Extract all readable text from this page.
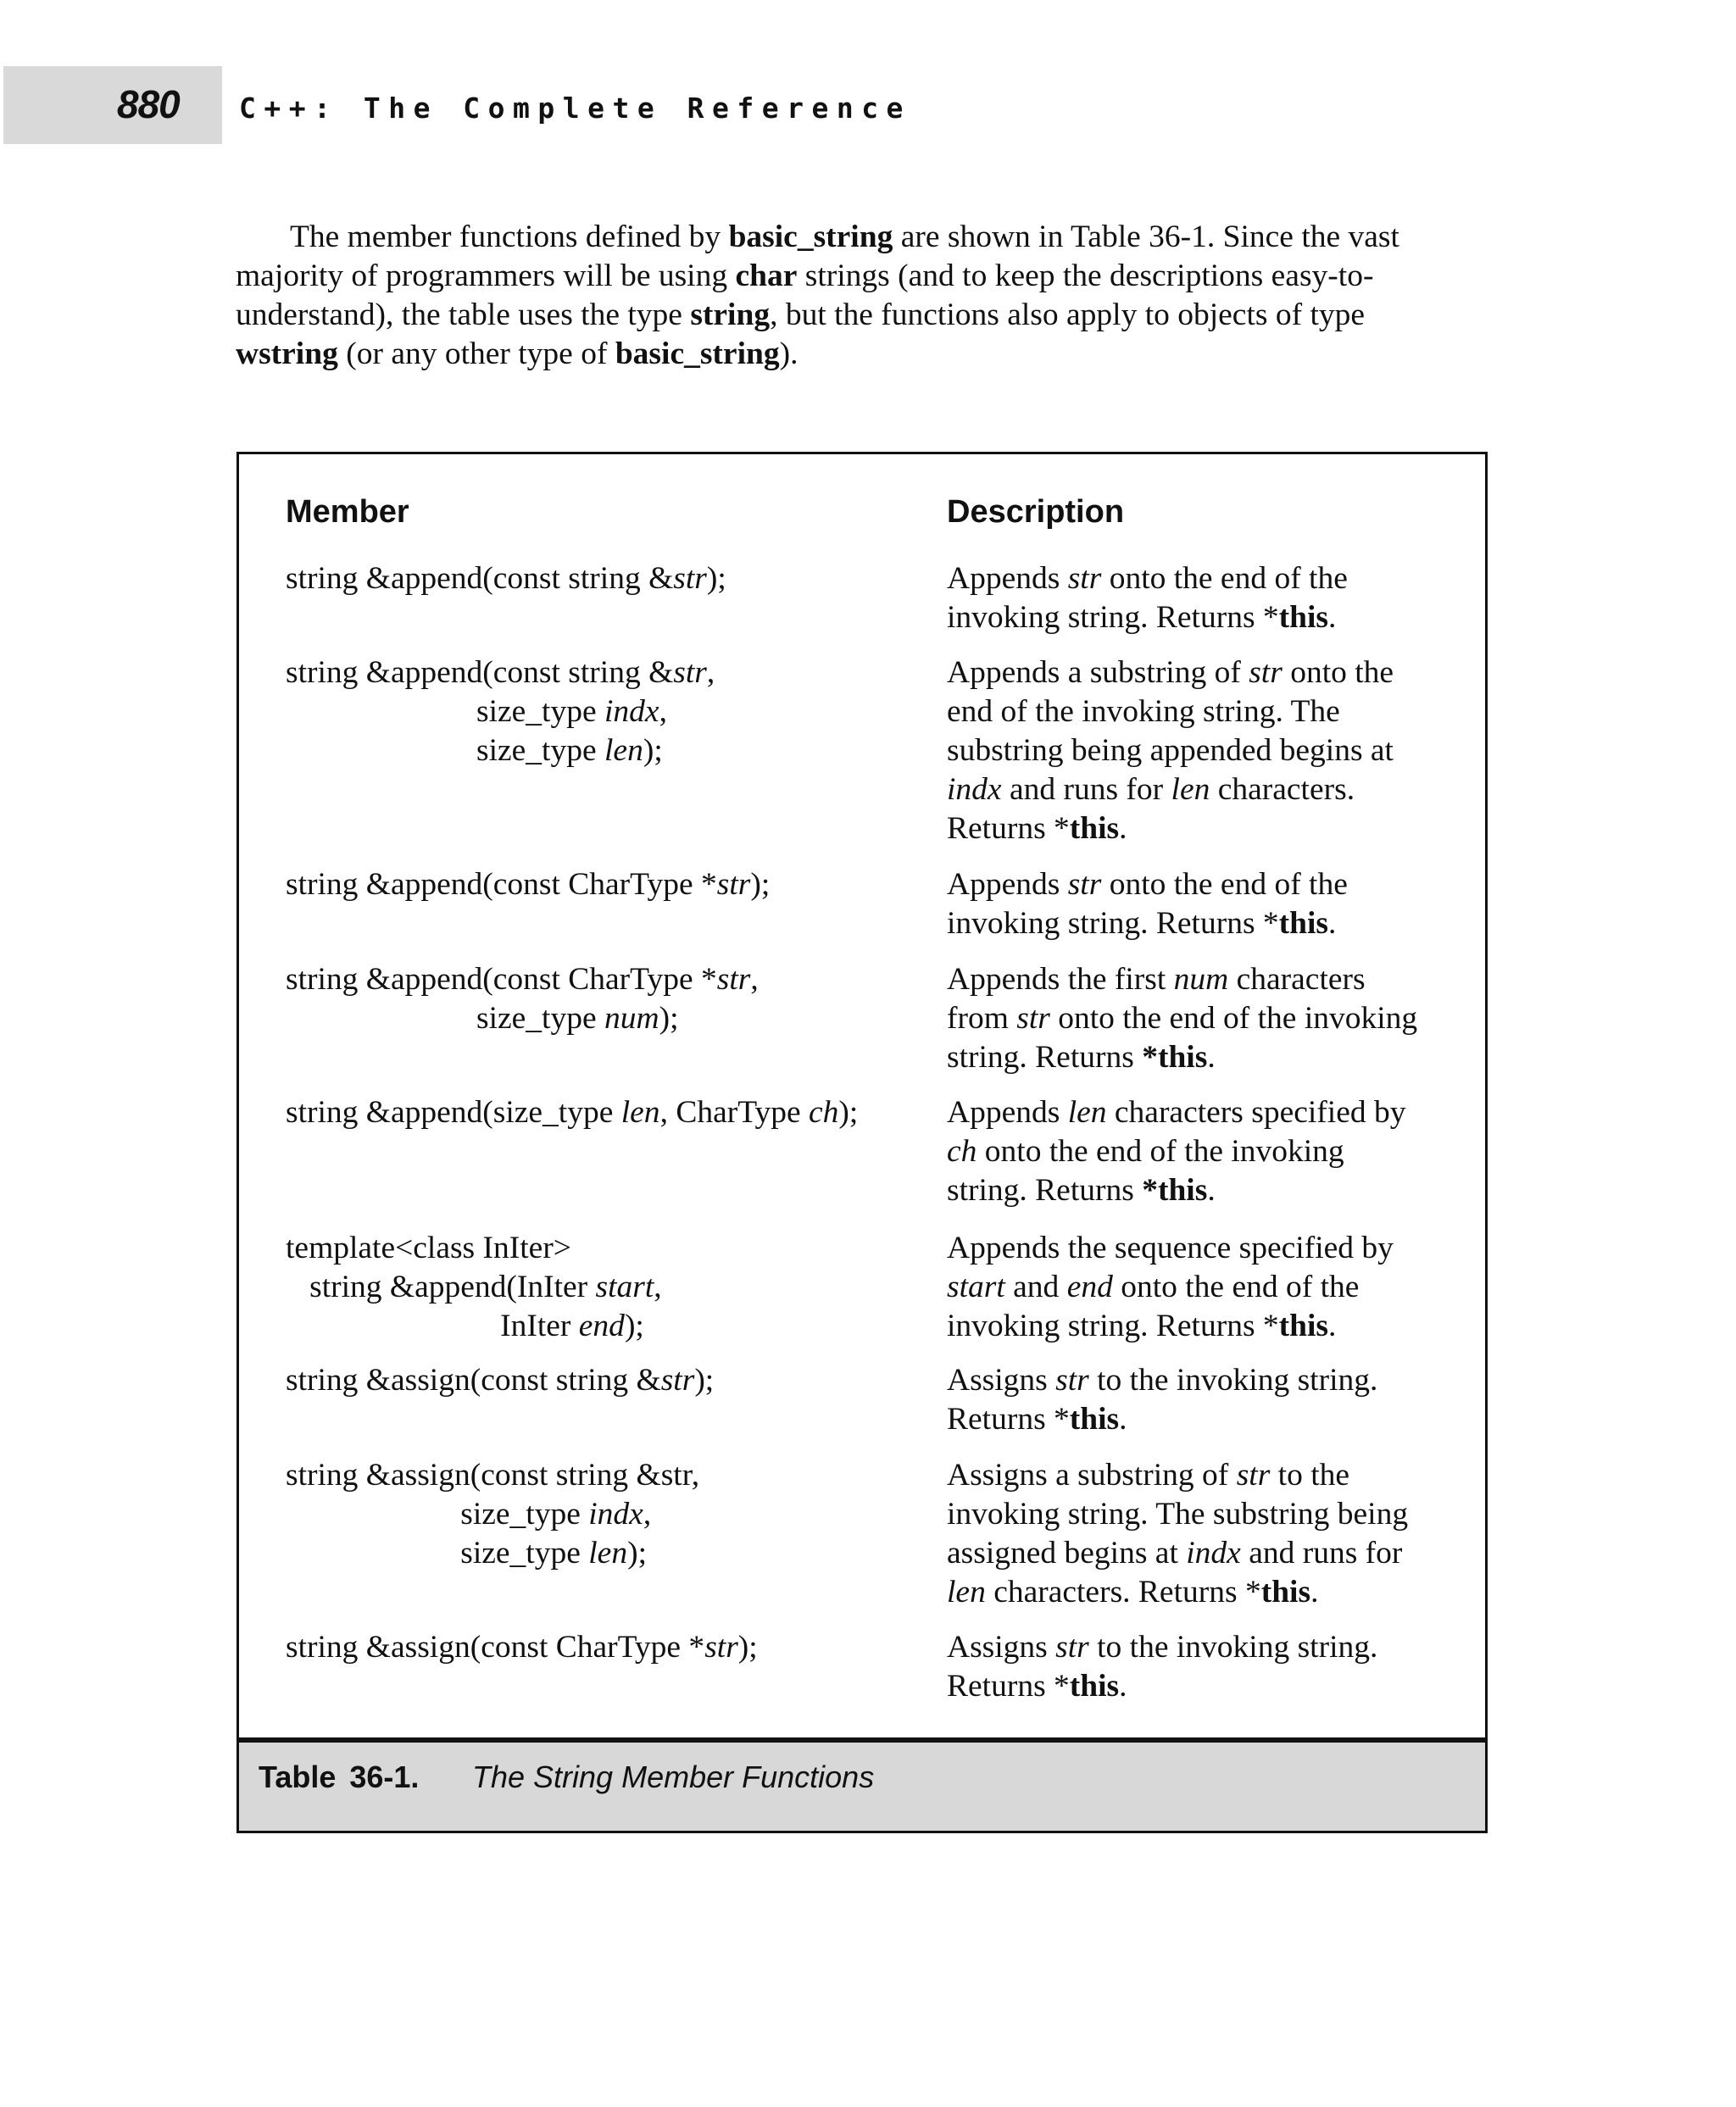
880 C++: The Complete Reference

The member functions defined by basic_string are shown in Table 36-1. Since the vast majority of programmers will be using char strings (and to keep the descriptions easy-to-understand), the table uses the type string, but the functions also apply to objects of type wstring (or any other type of basic_string).

Member	Description
string &append(const string &str);
string &append(const string &str,
size_type indx,
size_type len);
string &append(const CharType *str);
string &append(const CharType *str,
size_type num);
string &append(size_type len, CharType ch);
template<class InIter>
string &append(InIter start,
InIter end);
string &assign(const string &str);
string &assign(const string &str,
size_type indx,
size_type len);
string &assign(const CharType *str);
Appends str onto the end of the
invoking string. Returns *this.
Appends a substring of str onto the
end of the invoking string. The
substring being appended begins at
indx and runs for len characters.
Returns *this.
Appends str onto the end of the
invoking string. Returns *this.
Appends the first num characters
from str onto the end of the invoking
string. Returns *this.
Appends len characters specified by
ch onto the end of the invoking
string. Returns *this.
Appends the sequence specified by
start and end onto the end of the
invoking string. Returns *this.
Assigns str to the invoking string.
Returns *this.
Assigns a substring of str to the
invoking string. The substring being
assigned begins at indx and runs for
len characters. Returns *this.
Assigns str to the invoking string.
Returns *this.
Table 36-1. The String Member Functions
